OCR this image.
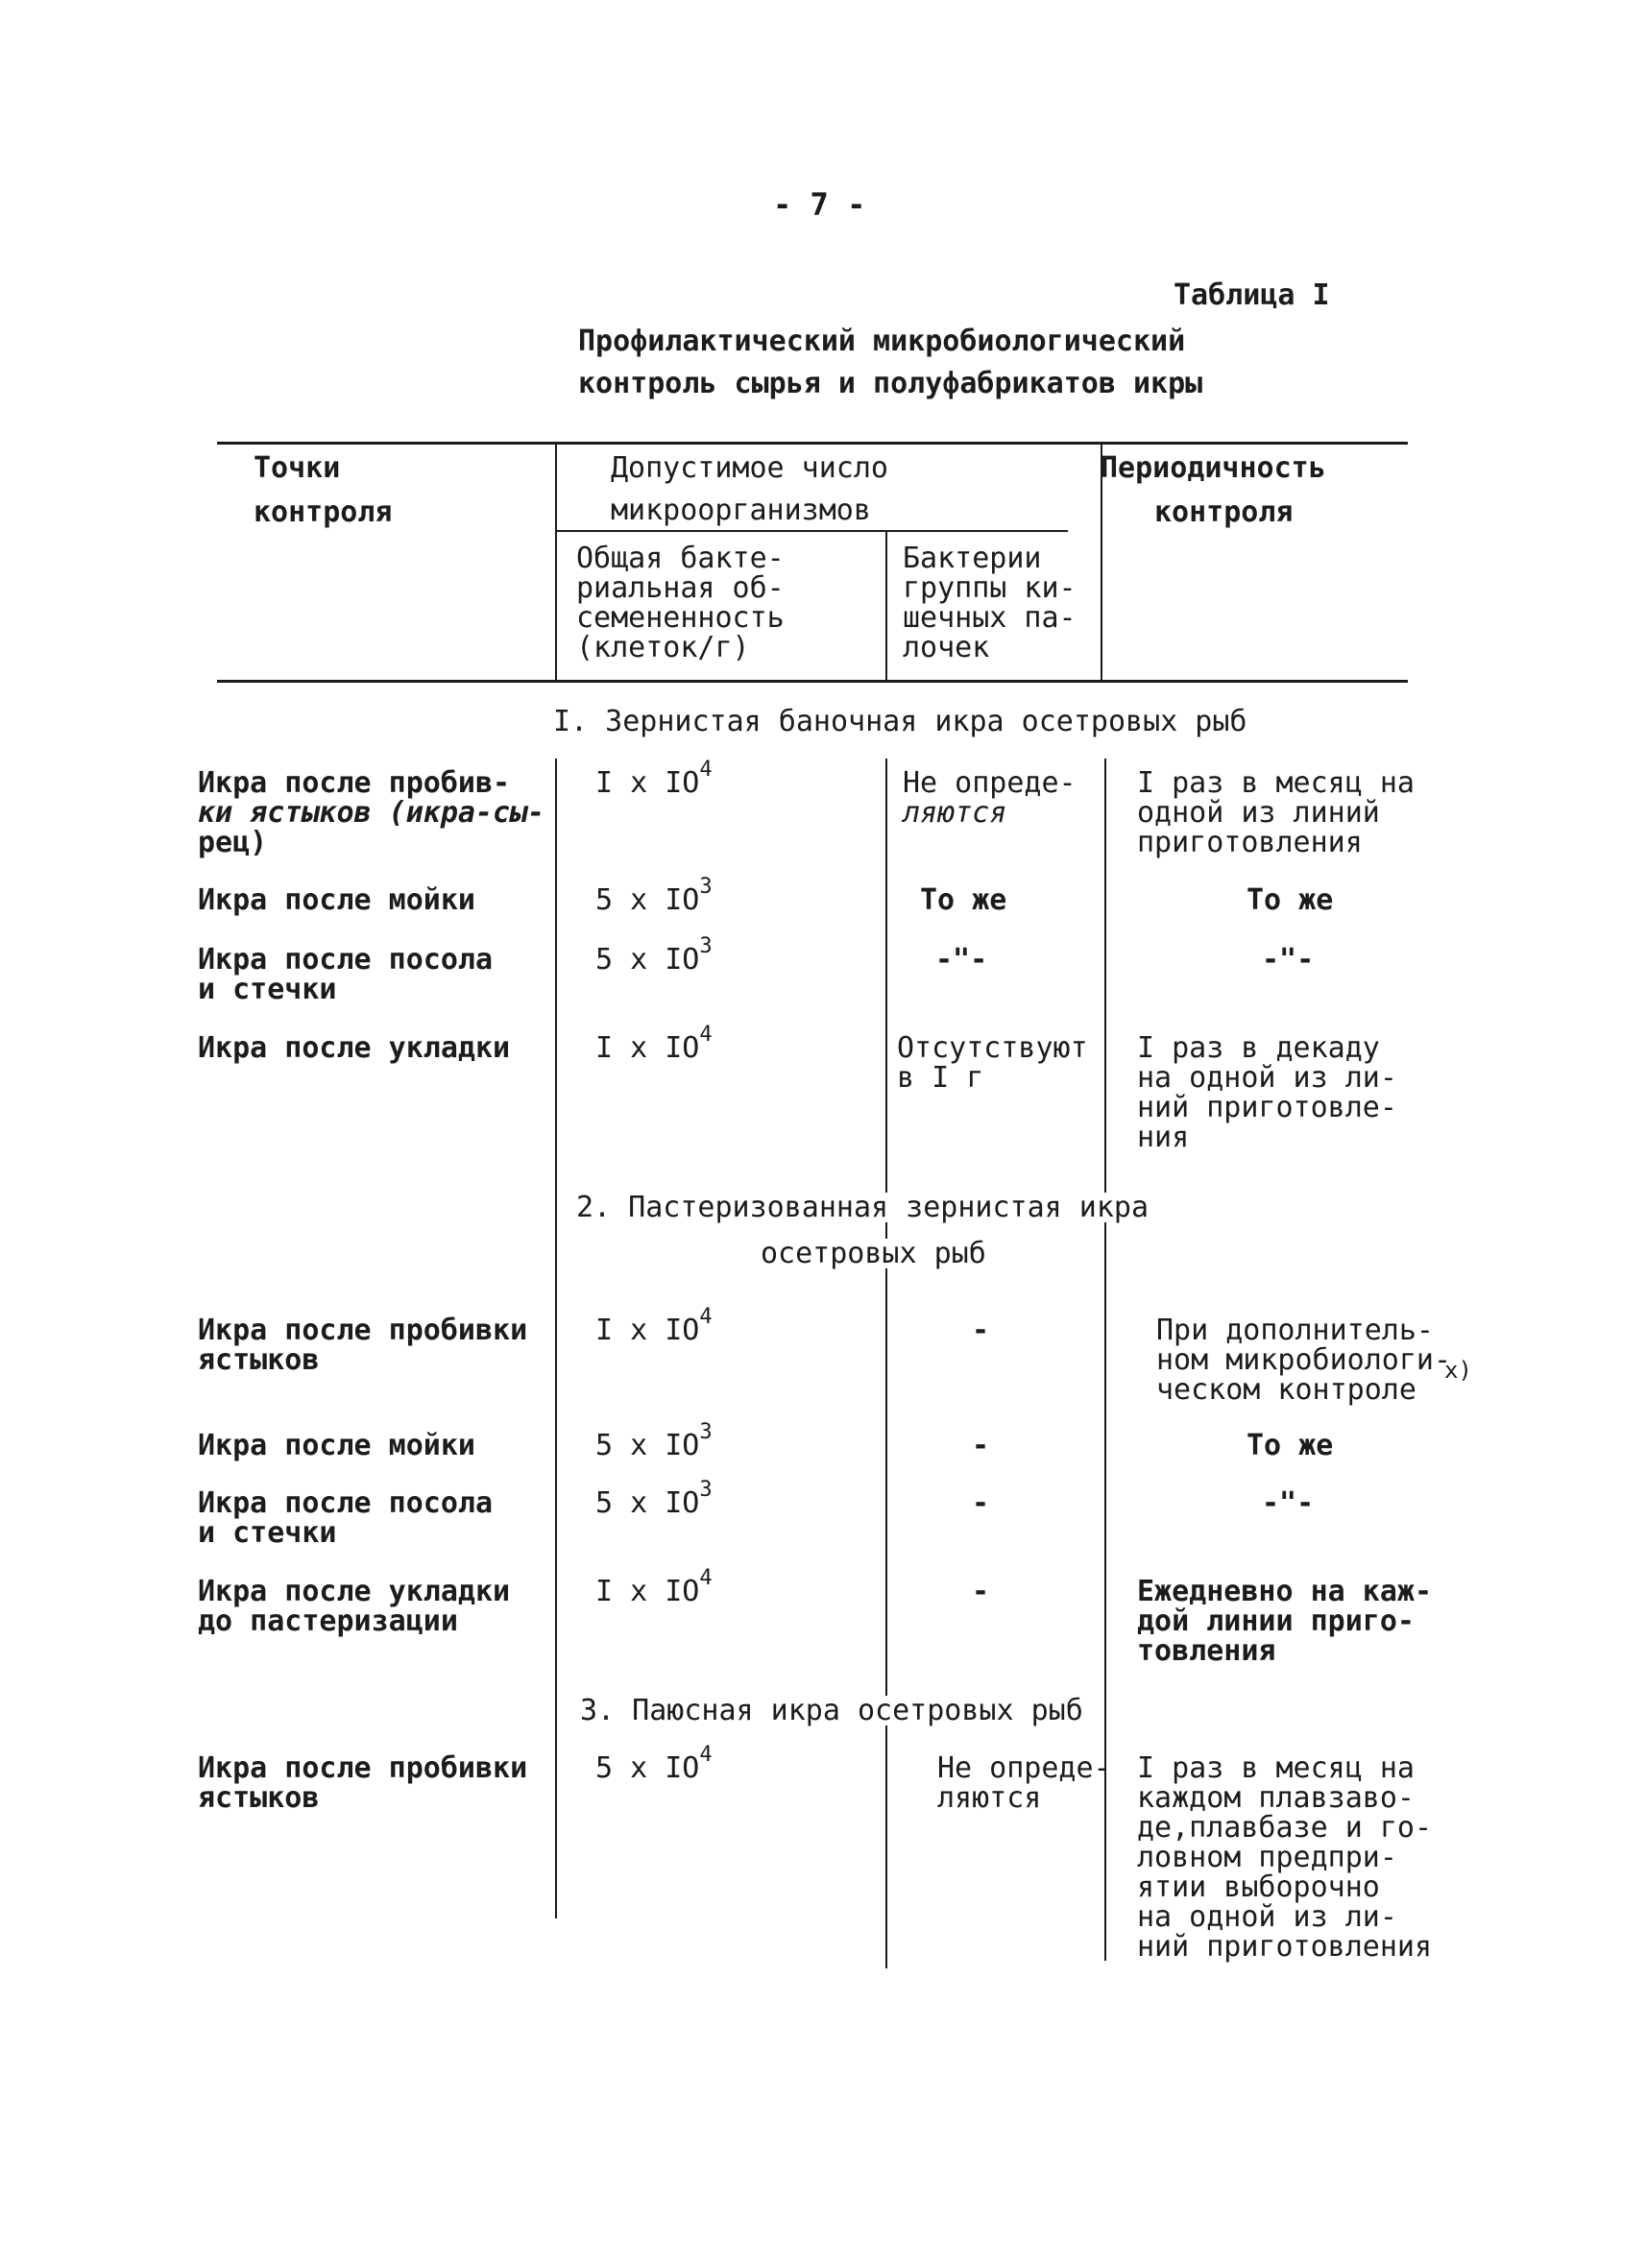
- 7 -
Таблица I
Профилактический микробиологический
контроль сырья и полуфабрикатов икры
Точки
контроля
Допустимое число
микроорганизмов
Периодичность
контроля
Общая бакте-
риальная об-
семененность
(клеток/г)
Бактерии
группы ки-
шечных па-
лочек
I. Зернистая баночная икра осетровых рыб
2. Пастеризованная зернистая икра
осетровых рыб
3. Паюсная икра осетровых рыб
Икра после пробив-
ки ястыков (икра-сы-
рец)
Икра после мойки
Икра после посола
и стечки
Икра после укладки
Икра после пробивки
ястыков
Икра после мойки
Икра после посола
и стечки
Икра после укладки
до пастеризации
Икра после пробивки
ястыков
I x $IO^4$
5 x $IO^3$
5 x $IO^3$
I x $IO^4$
I x $IO^4$
5 x $IO^3$
5 x $IO^3$
I x $IO^4$
5 x $IO^4$
Не опреде-
ляются
То же
-"-
Отсутствуют
в I г
-
-
-
-
Не опреде-
ляются
I раз в месяц на
одной из линий
приготовления
То же
-"-
I раз в декаду
на одной из ли-
ний приготовле-
ния
При дополнитель-
ном микробиологи-
ческом контроле
x)
То же
-"-
Ежедневно на каж-
дой линии приго-
товления
I раз в месяц на
каждом плавзаво-
де,плавбазе и го-
ловном предпри-
ятии выборочно
на одной из ли-
ний приготовления
